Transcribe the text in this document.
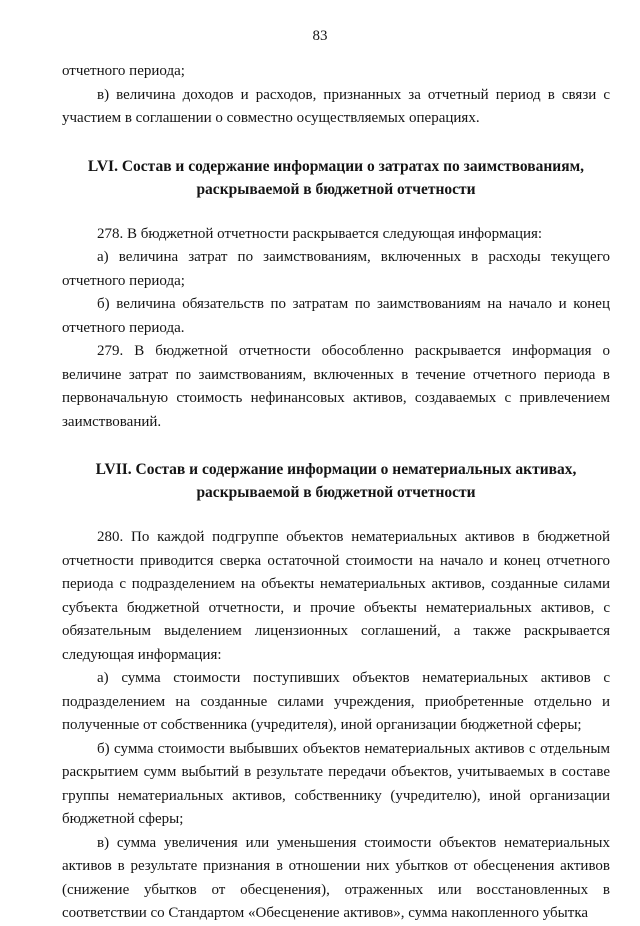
83

отчетного периода;

в) величина доходов и расходов, признанных за отчетный период в связи с участием в соглашении о совместно осуществляемых операциях.

LVI. Состав и содержание информации о затратах по заимствованиям,
раскрываемой в бюджетной отчетности

278. В бюджетной отчетности раскрывается следующая информация:

а) величина затрат по заимствованиям, включенных в расходы текущего отчетного периода;

б) величина обязательств по затратам по заимствованиям на начало и конец отчетного периода.

279. В бюджетной отчетности обособленно раскрывается информация о величине затрат по заимствованиям, включенных в течение отчетного периода в первоначальную стоимость нефинансовых активов, создаваемых с привлечением заимствований.

LVII. Состав и содержание информации о нематериальных активах,
раскрываемой в бюджетной отчетности

280. По каждой подгруппе объектов нематериальных активов в бюджетной отчетности приводится сверка остаточной стоимости на начало и конец отчетного периода с подразделением на объекты нематериальных активов, созданные силами субъекта бюджетной отчетности, и прочие объекты нематериальных активов, с обязательным выделением лицензионных соглашений, а также раскрывается следующая информация:

а) сумма стоимости поступивших объектов нематериальных активов с подразделением на созданные силами учреждения, приобретенные отдельно и полученные от собственника (учредителя), иной организации бюджетной сферы;

б) сумма стоимости выбывших объектов нематериальных активов с отдельным раскрытием сумм выбытий в результате передачи объектов, учитываемых в составе группы нематериальных активов, собственнику (учредителю), иной организации бюджетной сферы;

в) сумма увеличения или уменьшения стоимости объектов нематериальных активов в результате признания в отношении них убытков от обесценения активов (снижение убытков от обесценения), отраженных или восстановленных в соответствии со Стандартом «Обесценение активов», сумма накопленного убытка
